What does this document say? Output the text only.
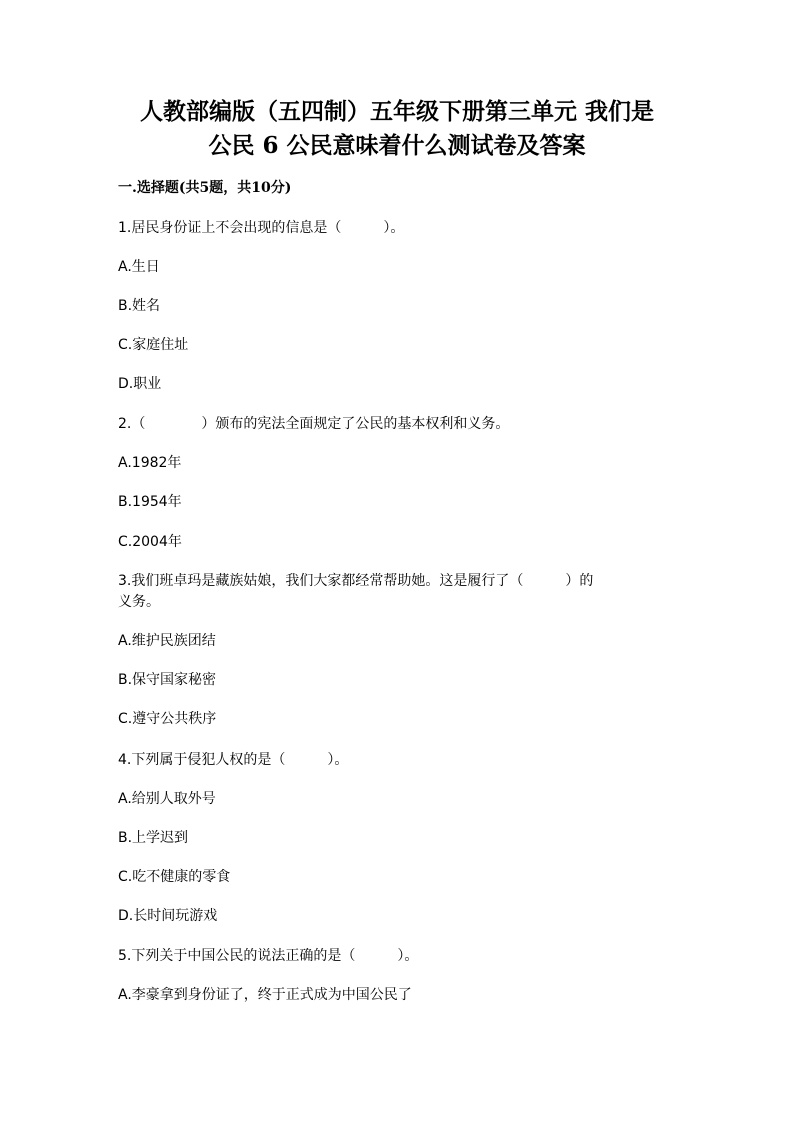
人教部编版（五四制）五年级下册第三单元 我们是
公民 6 公民意味着什么测试卷及答案
一.选择题(共5题，共10分)
1.居民身份证上不会出现的信息是（　　　）。
A.生日
B.姓名
C.家庭住址
D.职业
2.（　　　　）颁布的宪法全面规定了公民的基本权利和义务。
A.1982年
B.1954年
C.2004年
3.我们班卓玛是藏族姑娘，我们大家都经常帮助她。这是履行了（　　　）的
义务。
A.维护民族团结
B.保守国家秘密
C.遵守公共秩序
4.下列属于侵犯人权的是（　　　）。
A.给别人取外号
B.上学迟到
C.吃不健康的零食
D.长时间玩游戏
5.下列关于中国公民的说法正确的是（　　　）。
A.李豪拿到身份证了，终于正式成为中国公民了
